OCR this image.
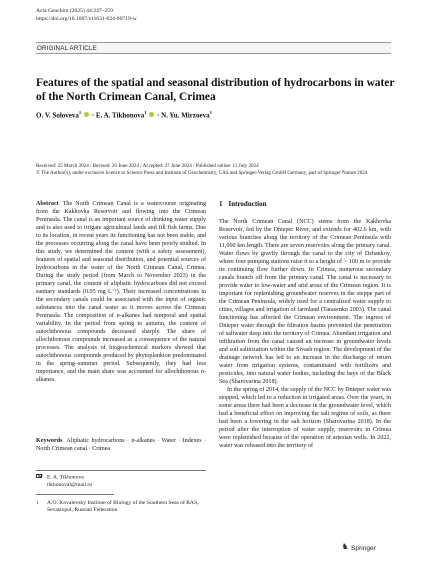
Acta Geochim (2025) 44:247–259
https://doi.org/10.1007/s11631-024-00719-w
ORIGINAL ARTICLE
Features of the spatial and seasonal distribution of hydrocarbons in water of the North Crimean Canal, Crimea
O. V. Soloveva$^1$ · E. A. Tikhonova$^1$ · N. Yu. Mirzoeva$^1$
Received: 25 March 2024 / Revised: 26 June 2024 / Accepted: 27 June 2024 / Published online: 11 July 2024
© The Author(s), under exclusive licence to Science Press and Institute of Geochemistry, CAS and Springer-Verlag GmbH Germany, part of Springer Nature 2024
Abstract The North Crimean Canal is a watercourse originating from the Kakhovka Reservoir and flowing into the Crimean Peninsula. The canal is an important source of drinking water supply and is also used to irrigate agricultural lands and fill fish farms. Due to its location, in recent years its functioning has not been stable, and the processes occurring along the canal have been poorly studied. In this study, we determined the content (with a safety assessment), features of spatial and seasonal distribution, and potential sources of hydrocarbons in the water of the North Crimean Canal, Crimea. During the study period (from March to November 2023) in the primary canal, the content of aliphatic hydrocarbons did not exceed sanitary standards (0.05 mg L⁻¹). Their increased concentrations in the secondary canals could be associated with the input of organic substances into the canal water as it moves across the Crimean Peninsula. The composition of n-alkanes had temporal and spatial variability. In the period from spring to autumn, the content of autochthonous compounds decreased sharply. The share of allochthonous compounds increased as a consequence of the natural processes. The analysis of biogeochemical markers showed that autochthonous compounds produced by phytoplankton predominated in the spring–summer period. Subsequently, they had less importance, and the main share was accounted for allochthonous n-alkanes.
Keywords Aliphatic hydrocarbons · n-alkanes · Water · Indexes · North Crimean canal · Crimea
E. A. Tikhonova
tikhonoval@mail.ru
1	A.O. Kovalevsky Institute of Biology of the Southern Seas of RAS, Sevastopol, Russian Federation
1 Introduction

The North Crimean Canal (NCC) stems from the Kakhovka Reservoir, fed by the Dnieper River, and extends for 402.6 km, with various branches along the territory of the Crimean Peninsula with 11,000 km length. There are seven reservoirs along the primary canal. Water flows by gravity through the canal to the city of Dzhankoy, where four pumping stations raise it to a height of > 100 m to provide its continuing flow further down. In Crimea, numerous secondary canals branch off from the primary canal. The canal is necessary to provide water to low-water and arid areas of the Crimean region. It is important for replenishing groundwater reserves in the steppe part of the Crimean Peninsula, widely used for a centralized water supply to cities, villages and irrigation of farmland (Tarasenko 2003). The canal functioning has affected the Crimean environment. The ingress of Dnieper water through the filtration basins prevented the penetration of saltwater deep into the territory of Crimea. Abundant irrigation and infiltration from the canal caused an increase in groundwater levels and soil salinization within the Sivash region. The development of the drainage network has led to an increase in the discharge of return water from irrigation systems, contaminated with fertilizers and pesticides, into natural water bodies, including the bays of the Black Sea (Sharovarina 2018).

In the spring of 2014, the supply of the NCC by Dnieper water was stopped, which led to a reduction in irrigated areas. Over the years, in some areas there had been a decrease in the groundwater level, which had a beneficial effect on improving the salt regime of soils, as there had been a lowering in the salt horizon (Sharovarina 2018). In the period after the interruption of water supply, reservoirs in Crimea were replenished because of the operation of artesian wells. In 2022, water was released into the territory of

♞
Springer
